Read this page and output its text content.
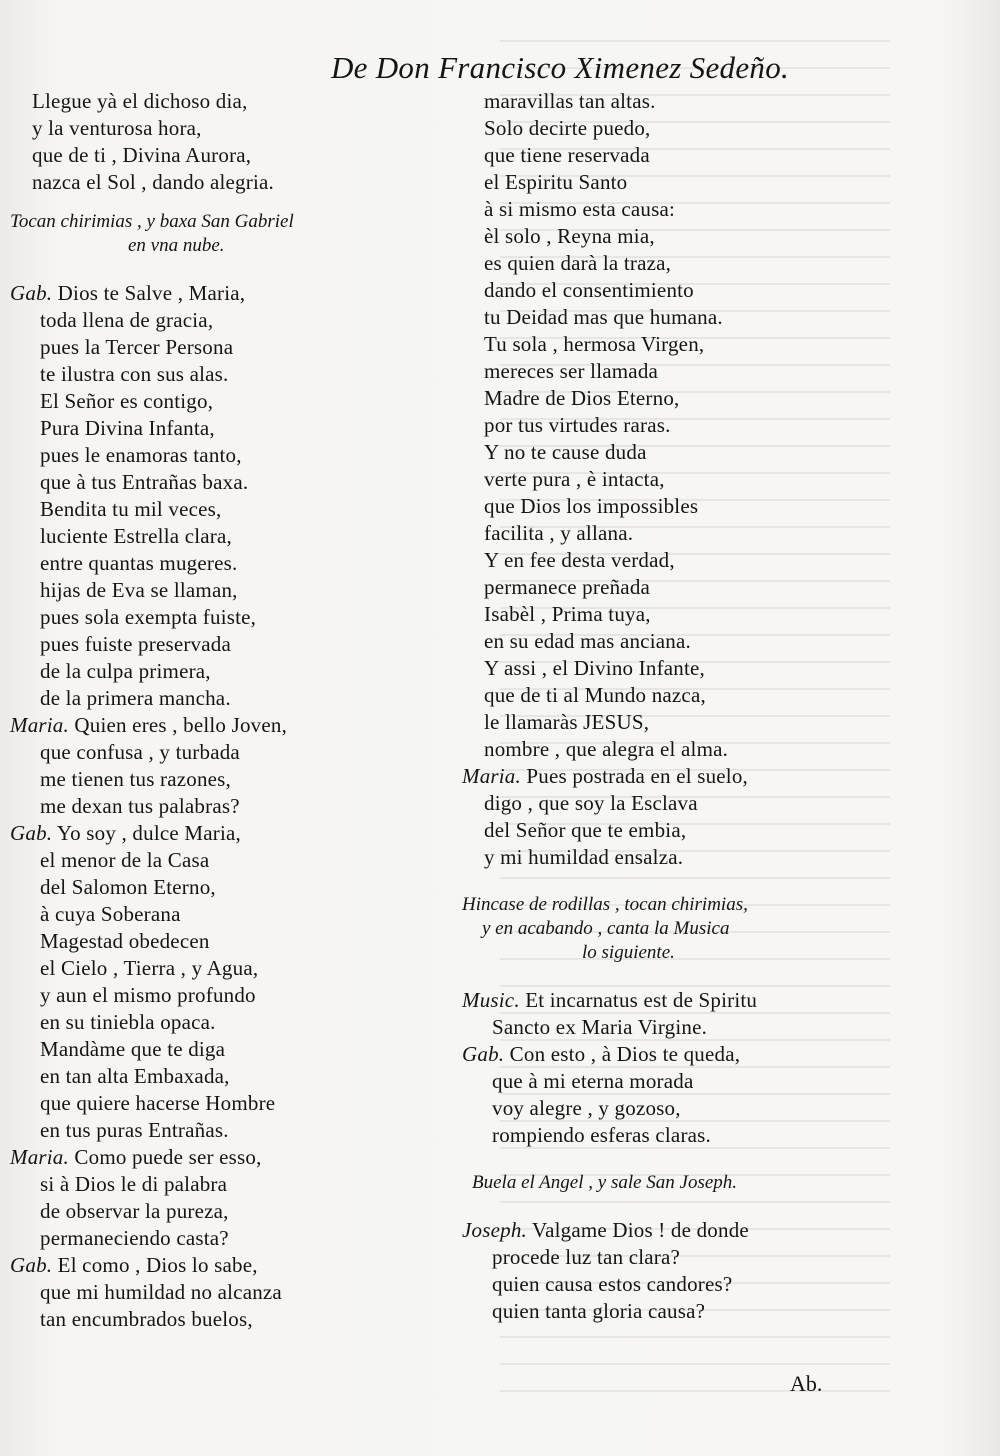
De Don Francisco Ximenez Sedeño.
Llegue yà el dichoso dia,
y la venturosa hora,
que de ti , Divina Aurora,
nazca el Sol , dando alegria.
Tocan chirimias , y baxa San Gabriel
en vna nube.
Gab. Dios te Salve , Maria,
toda llena de gracia,
pues la Tercer Persona
te ilustra con sus alas.
El Señor es contigo,
Pura Divina Infanta,
pues le enamoras tanto,
que à tus Entrañas baxa.
Bendita tu mil veces,
luciente Estrella clara,
entre quantas mugeres.
hijas de Eva se llaman,
pues sola exempta fuiste,
pues fuiste preservada
de la culpa primera,
de la primera mancha.
Maria. Quien eres , bello Joven,
que confusa , y turbada
me tienen tus razones,
me dexan tus palabras?
Gab. Yo soy , dulce Maria,
el menor de la Casa
del Salomon Eterno,
à cuya Soberana
Magestad obedecen
el Cielo , Tierra , y Agua,
y aun el mismo profundo
en su tiniebla opaca.
Mandàme que te diga
en tan alta Embaxada,
que quiere hacerse Hombre
en tus puras Entrañas.
Maria. Como puede ser esso,
si à Dios le di palabra
de observar la pureza,
permaneciendo casta?
Gab. El como , Dios lo sabe,
que mi humildad no alcanza
tan encumbrados buelos,
maravillas tan altas.
Solo decirte puedo,
que tiene reservada
el Espiritu Santo
à si mismo esta causa:
èl solo , Reyna mia,
es quien darà la traza,
dando el consentimiento
tu Deidad mas que humana.
Tu sola , hermosa Virgen,
mereces ser llamada
Madre de Dios Eterno,
por tus virtudes raras.
Y no te cause duda
verte pura , è intacta,
que Dios los impossibles
facilita , y allana.
Y en fee desta verdad,
permanece preñada
Isabèl , Prima tuya,
en su edad mas anciana.
Y assi , el Divino Infante,
que de ti al Mundo nazca,
le llamaràs JESUS,
nombre , que alegra el alma.
Maria. Pues postrada en el suelo,
digo , que soy la Esclava
del Señor que te embia,
y mi humildad ensalza.
Hincase de rodillas , tocan chirimias,
y en acabando , canta la Musica
lo siguiente.
Music. Et incarnatus est de Spiritu
Sancto ex Maria Virgine.
Gab. Con esto , à Dios te queda,
que à mi eterna morada
voy alegre , y gozoso,
rompiendo esferas claras.
Buela el Angel , y sale San Joseph.
Joseph. Valgame Dios ! de donde
procede luz tan clara?
quien causa estos candores?
quien tanta gloria causa?
Ab.
